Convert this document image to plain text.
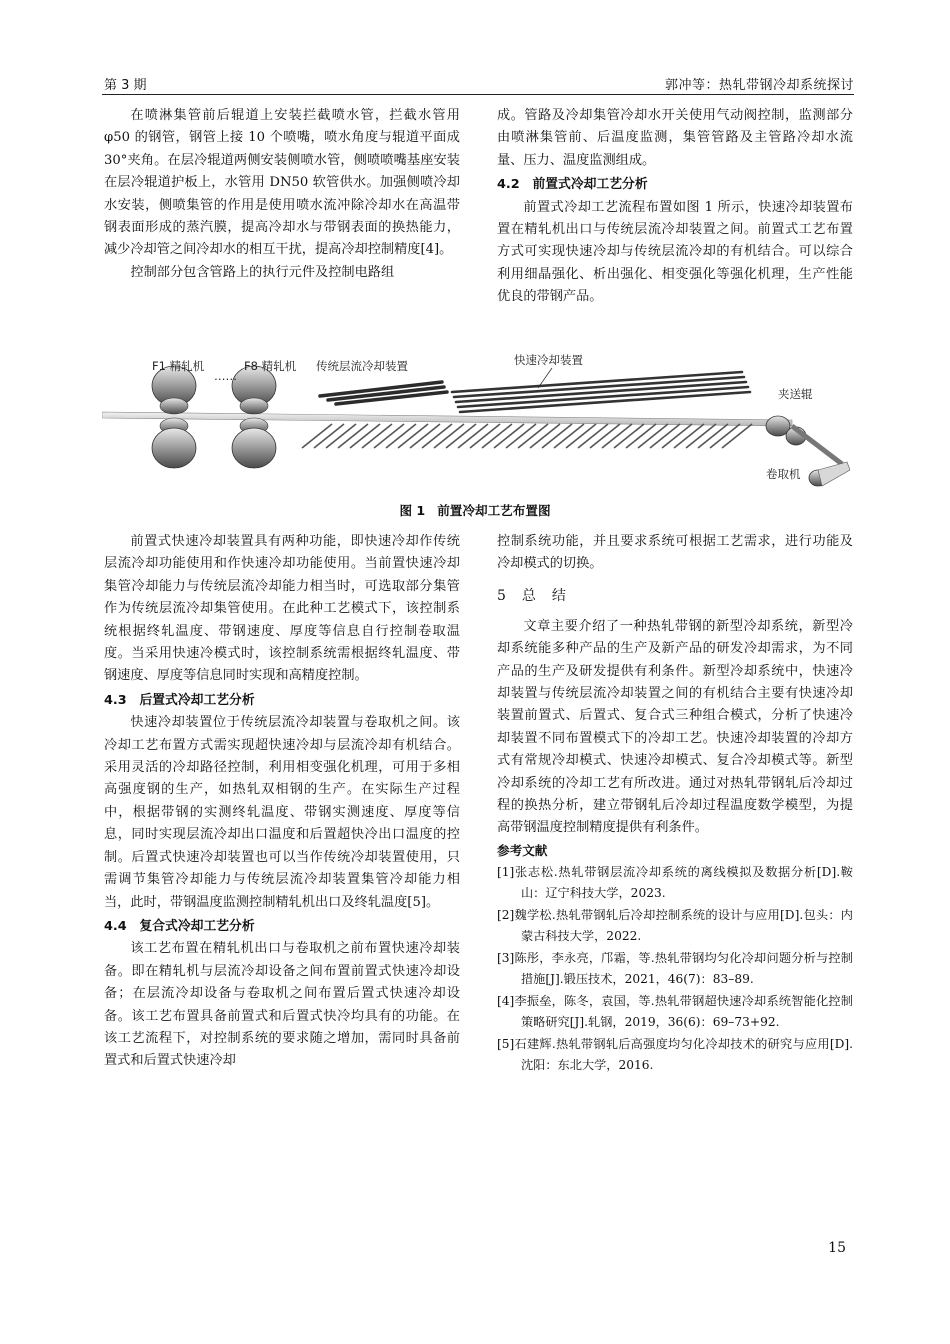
第 3 期	郭冲等：热轧带钢冷却系统探讨

在喷淋集管前后辊道上安装拦截喷水管，拦截水管用 φ50 的钢管，钢管上接 10 个喷嘴，喷水角度与辊道平面成 30°夹角。在层冷辊道两侧安装侧喷水管，侧喷喷嘴基座安装在层冷辊道护板上，水管用 DN50 软管供水。加强侧喷冷却水安装，侧喷集管的作用是使用喷水流冲除冷却水在高温带钢表面形成的蒸汽膜，提高冷却水与带钢表面的换热能力，减少冷却管之间冷却水的相互干扰，提高冷却控制精度[4]。

控制部分包含管路上的执行元件及控制电路组

成。管路及冷却集管冷却水开关使用气动阀控制，监测部分由喷淋集管前、后温度监测，集管管路及主管路冷却水流量、压力、温度监测组成。

4.2　前置式冷却工艺分析

前置式冷却工艺流程布置如图 1 所示，快速冷却装置布置在精轧机出口与传统层流冷却装置之间。前置式工艺布置方式可实现快速冷却与传统层流冷却的有机结合。可以综合利用细晶强化、析出强化、相变强化等强化机理，生产性能优良的带钢产品。

F1 精轧机
……
F8 精轧机 传统层流冷却装置	快速冷却装置
夹送辊
卷取机
图 1 前置冷却工艺布置图

前置式快速冷却装置具有两种功能，即快速冷却作传统层流冷却功能使用和作快速冷却功能使用。当前置快速冷却集管冷却能力与传统层流冷却能力相当时，可选取部分集管作为传统层流冷却集管使用。在此种工艺模式下，该控制系统根据终轧温度、带钢速度、厚度等信息自行控制卷取温度。当采用快速冷模式时，该控制系统需根据终轧温度、带钢速度、厚度等信息同时实现和高精度控制。

4.3　后置式冷却工艺分析

快速冷却装置位于传统层流冷却装置与卷取机之间。该冷却工艺布置方式需实现超快速冷却与层流冷却有机结合。采用灵活的冷却路径控制，利用相变强化机理，可用于多相高强度钢的生产，如热轧双相钢的生产。在实际生产过程中，根据带钢的实测终轧温度、带钢实测速度、厚度等信息，同时实现层流冷却出口温度和后置超快冷出口温度的控制。后置式快速冷却装置也可以当作传统冷却装置使用，只需调节集管冷却能力与传统层流冷却装置集管冷却能力相当，此时，带钢温度监测控制精轧机出口及终轧温度[5]。

4.4　复合式冷却工艺分析

该工艺布置在精轧机出口与卷取机之前布置快速冷却装备。即在精轧机与层流冷却设备之间布置前置式快速冷却设备；在层流冷却设备与卷取机之间布置后置式快速冷却设备。该工艺布置具备前置式和后置式快冷均具有的功能。在该工艺流程下，对控制系统的要求随之增加，需同时具备前置式和后置式快速冷却

控制系统功能，并且要求系统可根据工艺需求，进行功能及冷却模式的切换。

5　总　结

文章主要介绍了一种热轧带钢的新型冷却系统，新型冷却系统能多种产品的生产及新产品的研发冷却需求，为不同产品的生产及研发提供有利条件。新型冷却系统中，快速冷却装置与传统层流冷却装置之间的有机结合主要有快速冷却装置前置式、后置式、复合式三种组合模式，分析了快速冷却装置不同布置模式下的冷却工艺。快速冷却装置的冷却方式有常规冷却模式、快速冷却模式、复合冷却模式等。新型冷却系统的冷却工艺有所改进。通过对热轧带钢轧后冷却过程的换热分析，建立带钢轧后冷却过程温度数学模型，为提高带钢温度控制精度提供有利条件。

参考文献
[1]张志松.热轧带钢层流冷却系统的离线模拟及数据分析[D].鞍山：辽宁科技大学，2023.
[2]魏学松.热轧带钢轧后冷却控制系统的设计与应用[D].包头：内蒙古科技大学，2022.
[3]陈彤，李永亮，邝霜，等.热轧带钢均匀化冷却问题分析与控制措施[J].锻压技术，2021，46(7)：83–89.
[4]李振垒，陈冬，袁国，等.热轧带钢超快速冷却系统智能化控制策略研究[J].轧钢，2019，36(6)：69–73+92.
[5]石建辉.热轧带钢轧后高强度均匀化冷却技术的研究与应用[D].沈阳：东北大学，2016.
15
